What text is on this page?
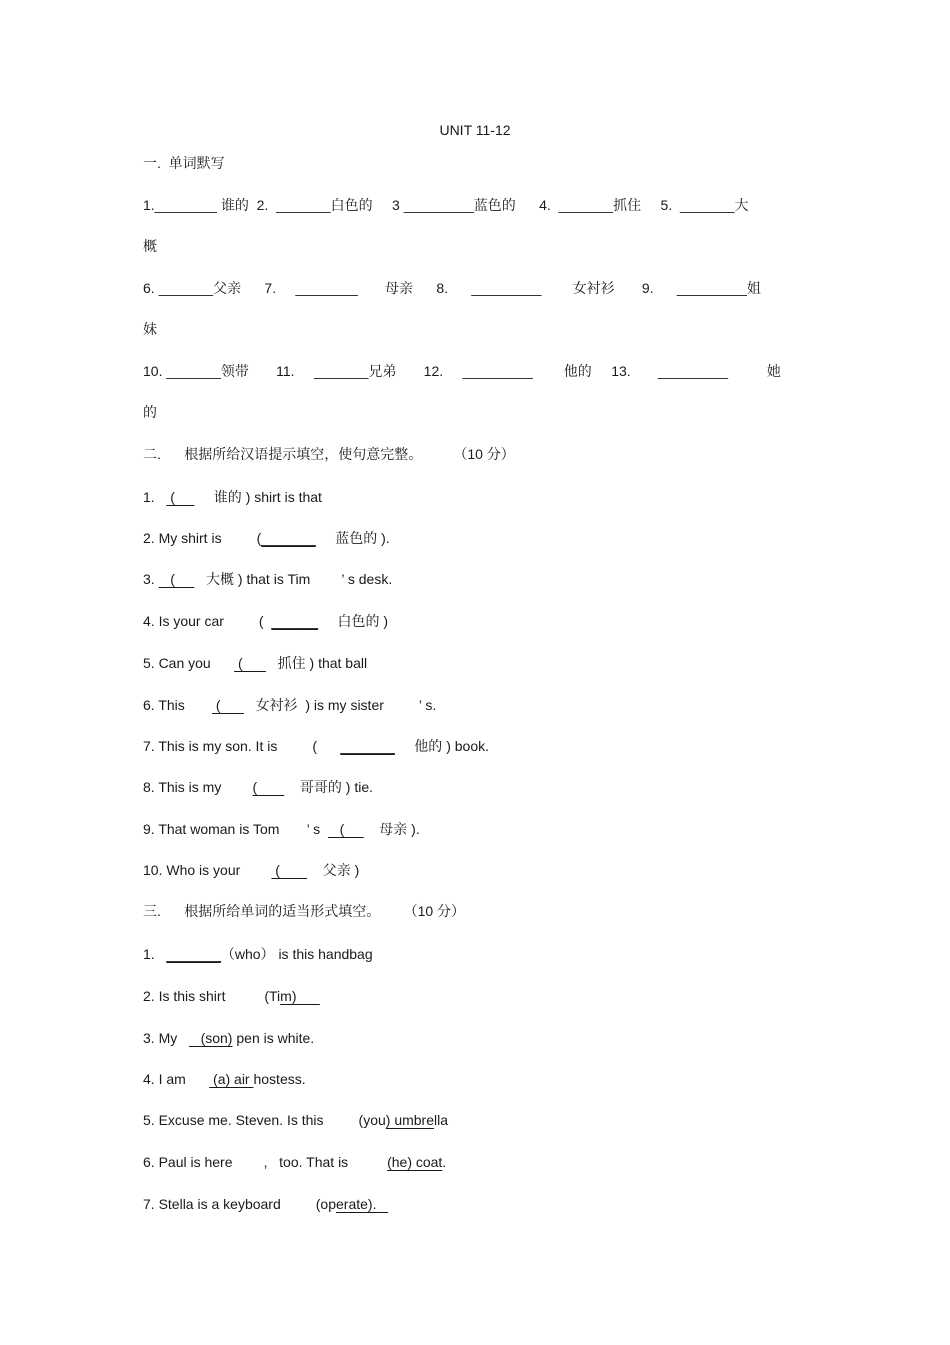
UNIT 11-12
一.  单词默写
1.________ 谁的  2.  _______白色的     3 _________蓝色的      4.  _______抓住     5.  _______大
概
6. _______父亲      7.     ________       母亲      8.      _________        女衬衫       9.      _________姐
妹
10. _______领带       11.     _______兄弟       12.     _________        他的     13.       _________          她
的
二.      根据所给汉语提示填空，使句意完整。        （10 分）
1.    (          谁的 ) shirt is that
2. My shirt is         (_______     蓝色的 ).
3.    (        大概 ) that is Tim        ’ s desk.
4. Is your car         (  ______     白色的 )
5. Can you       (         抓住 ) that ball
6. This        (         女衬衫  ) is my sister         ’ s.
7. This is my son. It is         (      _______     他的 ) book.
8. This is my        (           哥哥的 ) tie.
9. That woman is Tom       ’ s     (         母亲 ).
10. Who is your         (           父亲 )
三.      根据所给单词的适当形式填空。      （10 分）
1.   _______（who） is this handbag
2. Is this shirt          (Tim)
3. My      (son) pen is white.
4. I am       (a) air hostess.
5. Excuse me. Steven. Is this         (you) umbrella
6. Paul is here        ,   too. That is          (he) coat.
7. Stella is a keyboard         (operate).
